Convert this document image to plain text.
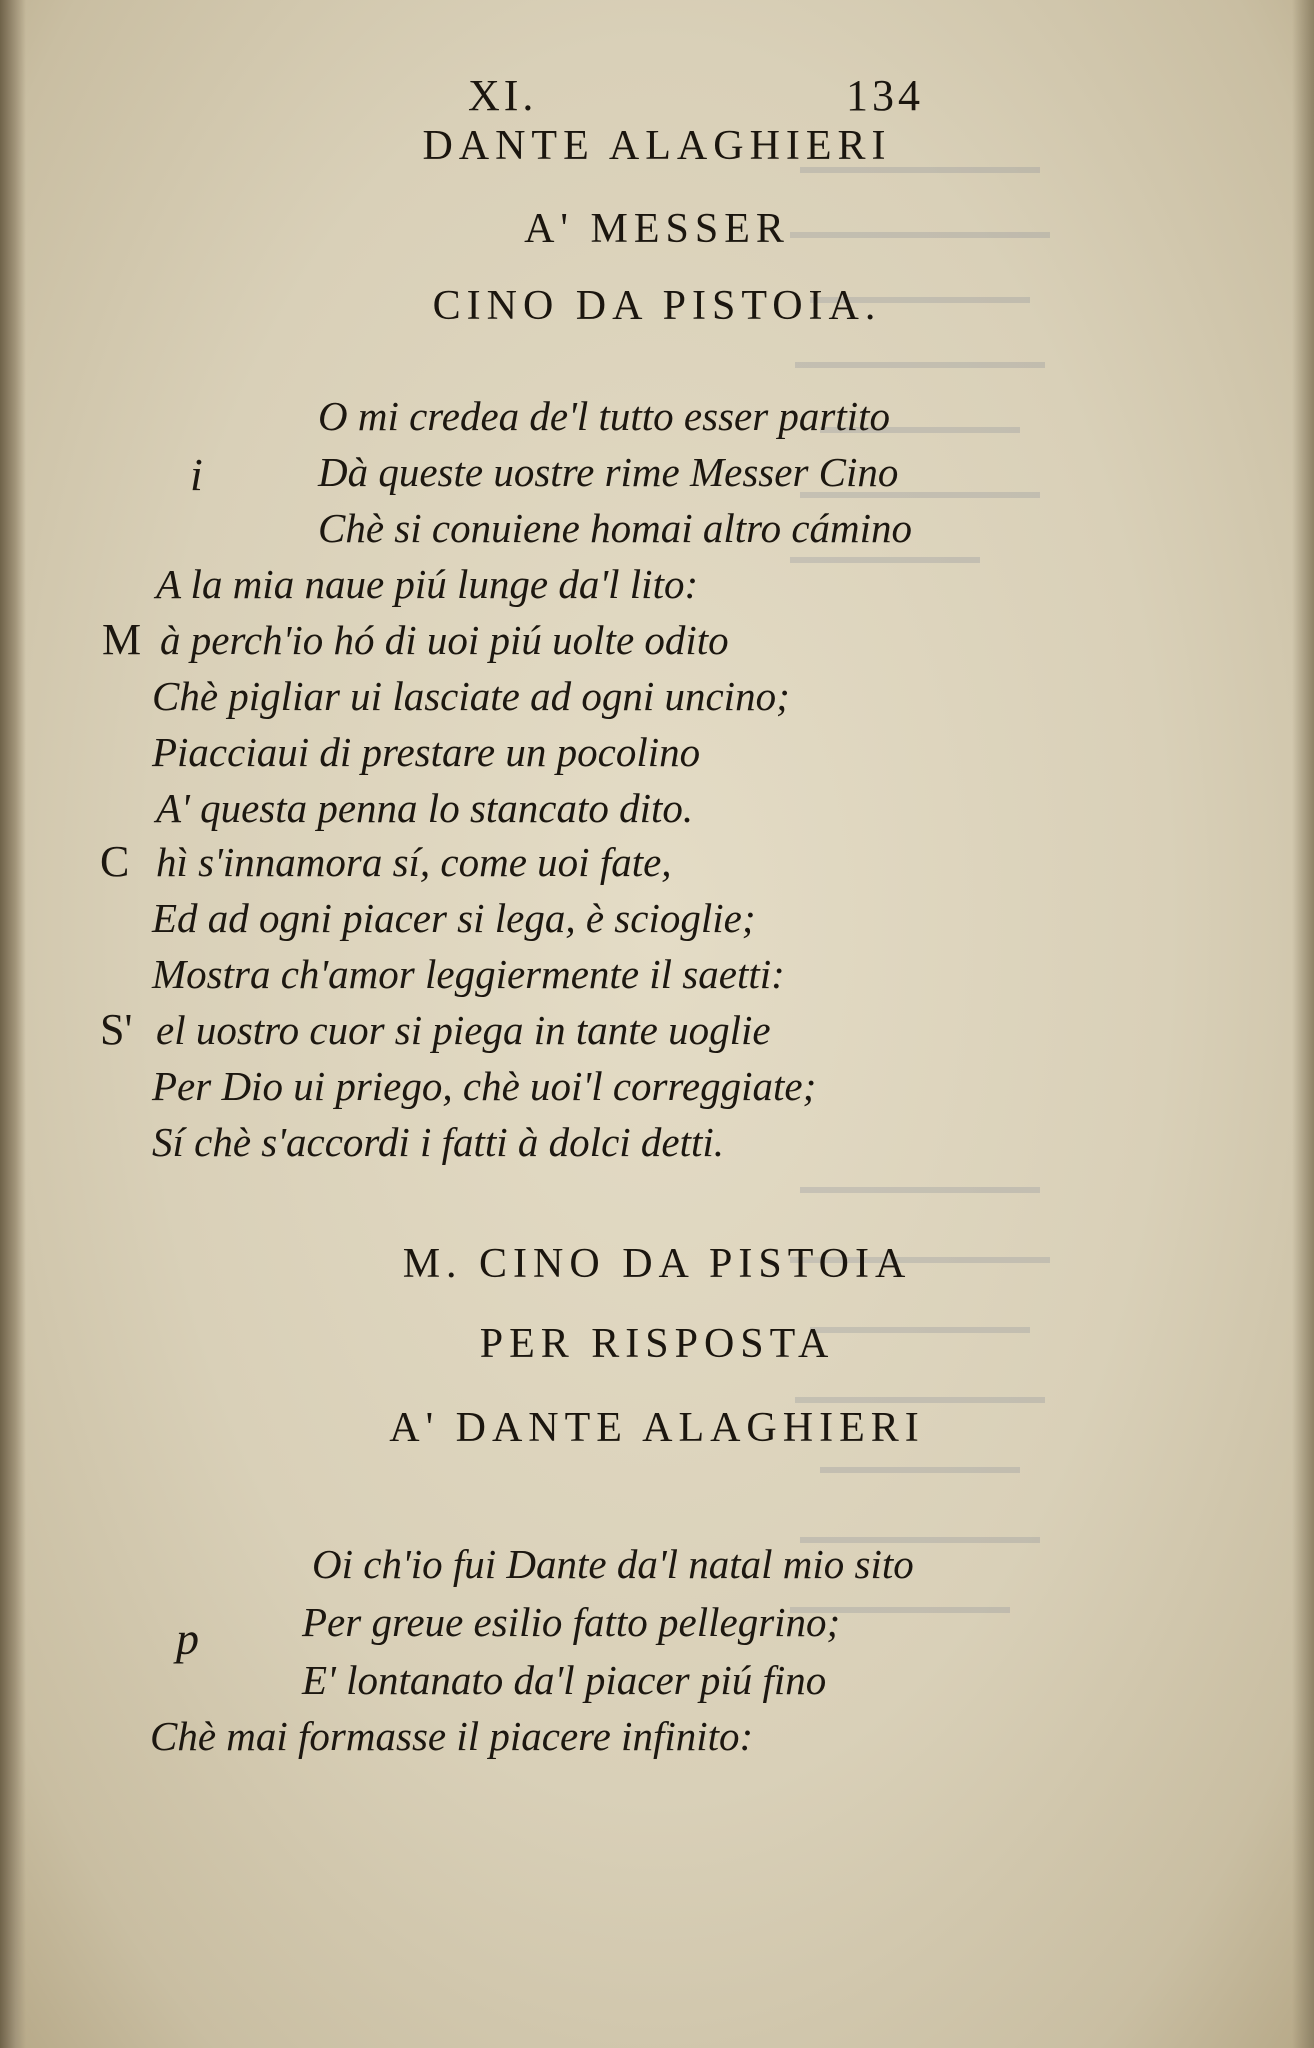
XI.	134
DANTE ALAGHIERI
A' MESSER
CINO DA PISTOIA.
i
O mi credea de'l tutto esser partito
Dà queste uostre rime Messer Cino
Chè si conuiene homai altro cámino
A la mia naue piú lunge da'l lito:
M à perch'io hó di uoi piú uolte odito
Chè pigliar ui lasciate ad ogni uncino;
Piacciaui di prestare un pocolino
A' questa penna lo stancato dito.
C hì s'innamora sí, come uoi fate,
Ed ad ogni piacer si lega, è scioglie;
Mostra ch'amor leggiermente il saetti:
S' el uostro cuor si piega in tante uoglie
Per Dio ui priego, chè uoi'l correggiate;
Sí chè s'accordi i fatti à dolci detti.
M. CINO DA PISTOIA
PER RISPOSTA
A' DANTE ALAGHIERI
p
Oi ch'io fui Dante da'l natal mio sito
Per greue esilio fatto pellegrino;
E' lontanato da'l piacer piú fino
Chè mai formasse il piacere infinito:
